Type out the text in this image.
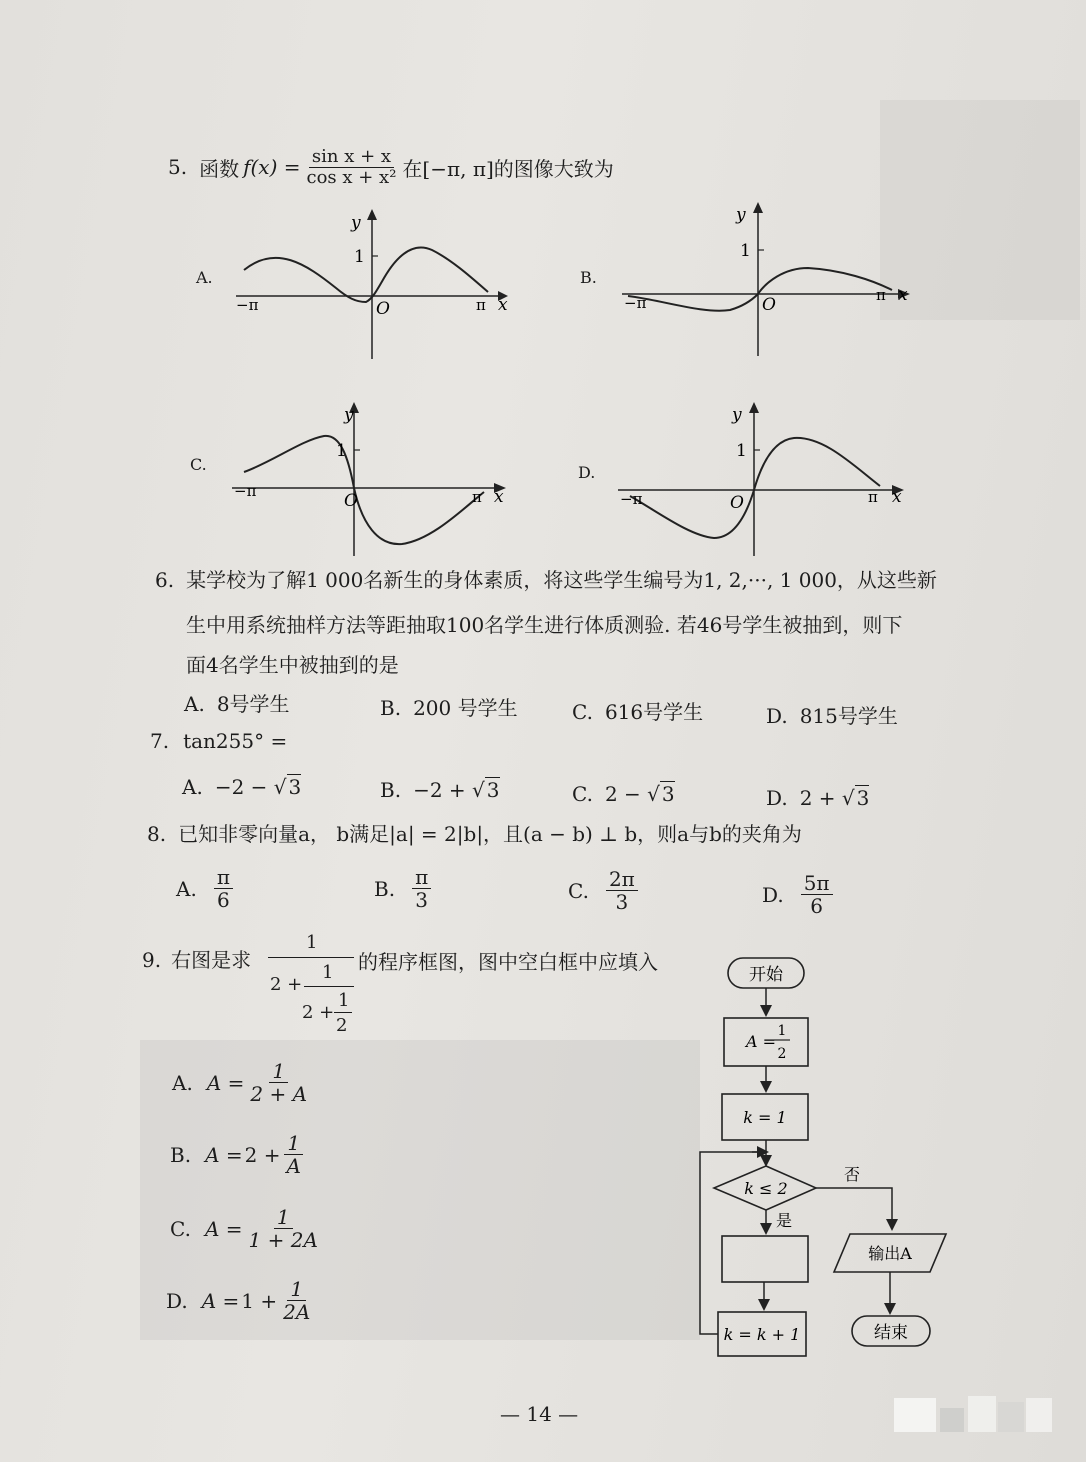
5. 函数 $f(x) = \frac{\text{sin x + x}}{\text{cos x + x²}}$ 在[−π, π]的图像大致为
A.
y
1
O
−π	π x
B.
y
1
O
−π	π x
C.
y
1
O
−π	π x
D.
y
1
O
−π	π x
6. 某学校为了解1 000名新生的身体素质，将这些学生编号为1, 2,···, 1 000，从这些新
生中用系统抽样方法等距抽取100名学生进行体质测验. 若46号学生被抽到，则下
面4名学生中被抽到的是
A. 8号学生	B. 200 号学生	C. 616号学生	D. 815号学生
7. tan255° =
A. −2 − √ 3	B. −2 + √ 3	C. 2 − √ 3	D. 2 + √ 3
8. 已知非零向量a， b满足|a| = 2|b|，且(a − b) ⊥ b，则a与b的夹角为
A. $\frac{\pi}{6}$	B. $\frac{\pi}{3}$	C. $\frac{2\pi}{3}$	D. $\frac{5\pi}{6}$
9. 右图是求
1
2 +
1
2 +
1
2
的程序框图，图中空白框中应填入
A. $A = \frac{1}{2 + A}$
B. $A = 2 + \frac{1}{A}$
C. $A = \frac{1}{1 + 2A}$
D. $A = 1 + \frac{1}{2A}$
开始
A =
1
2
k = 1
k ≤ 2
否
输出A
结束
是
k = k + 1
— 14 —
